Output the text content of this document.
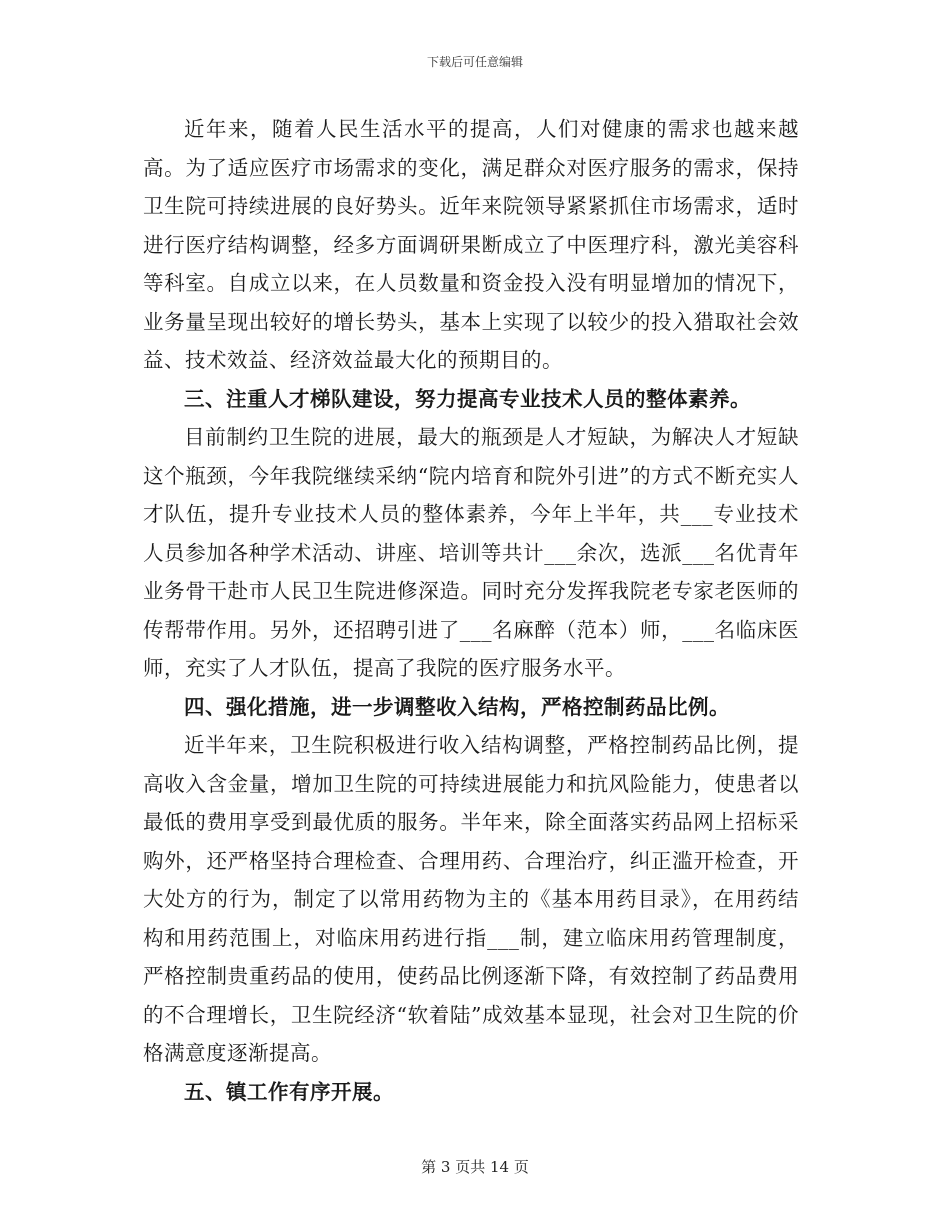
下载后可任意编辑

近年来，随着人民生活水平的提高，人们对健康的需求也越来越高。为了适应医疗市场需求的变化，满足群众对医疗服务的需求，保持卫生院可持续进展的良好势头。近年来院领导紧紧抓住市场需求，适时进行医疗结构调整，经多方面调研果断成立了中医理疗科，激光美容科等科室。自成立以来，在人员数量和资金投入没有明显增加的情况下，业务量呈现出较好的增长势头，基本上实现了以较少的投入猎取社会效益、技术效益、经济效益最大化的预期目的。

三、注重人才梯队建设，努力提高专业技术人员的整体素养。

目前制约卫生院的进展，最大的瓶颈是人才短缺，为解决人才短缺这个瓶颈，今年我院继续采纳“院内培育和院外引进”的方式不断充实人才队伍，提升专业技术人员的整体素养，今年上半年，共___专业技术人员参加各种学术活动、讲座、培训等共计___余次，选派___名优青年业务骨干赴市人民卫生院进修深造。同时充分发挥我院老专家老医师的传帮带作用。另外，还招聘引进了___名麻醉（范本）师，___名临床医师，充实了人才队伍，提高了我院的医疗服务水平。

四、强化措施，进一步调整收入结构，严格控制药品比例。

近半年来，卫生院积极进行收入结构调整，严格控制药品比例，提高收入含金量，增加卫生院的可持续进展能力和抗风险能力，使患者以最低的费用享受到最优质的服务。半年来，除全面落实药品网上招标采购外，还严格坚持合理检查、合理用药、合理治疗，纠正滥开检查，开大处方的行为，制定了以常用药物为主的《基本用药目录》，在用药结构和用药范围上，对临床用药进行指___制，建立临床用药管理制度，严格控制贵重药品的使用，使药品比例逐渐下降，有效控制了药品费用的不合理增长，卫生院经济“软着陆”成效基本显现，社会对卫生院的价格满意度逐渐提高。

五、镇工作有序开展。

第 3 页共 14 页
